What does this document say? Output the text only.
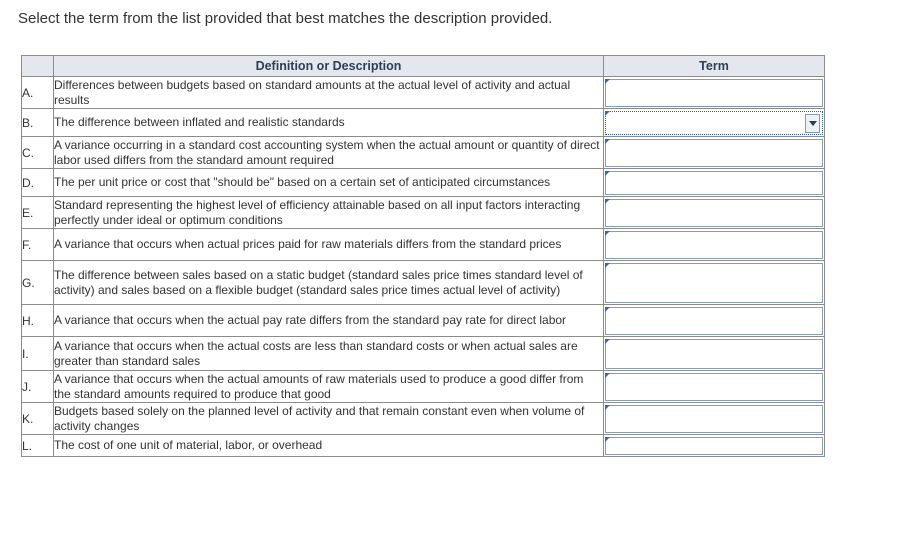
Select the term from the list provided that best matches the description provided.
	Definition or Description	Term
A.	Differences between budgets based on standard amounts at the actual level of activity and actual results	

B.	The difference between inflated and realistic standards	

C.	A variance occurring in a standard cost accounting system when the actual amount or quantity of direct labor used differs from the standard amount required	

D.	The per unit price or cost that "should be" based on a certain set of anticipated circumstances	

E.	Standard representing the highest level of efficiency attainable based on all input factors interacting perfectly under ideal or optimum conditions	

F.	A variance that occurs when actual prices paid for raw materials differs from the standard prices	

G.	The difference between sales based on a static budget (standard sales price times standard level of activity) and sales based on a flexible budget (standard sales price times actual level of activity)	

H.	A variance that occurs when the actual pay rate differs from the standard pay rate for direct labor	

I.	A variance that occurs when the actual costs are less than standard costs or when actual sales are greater than standard sales	

J.	A variance that occurs when the actual amounts of raw materials used to produce a good differ from the standard amounts required to produce that good	

K.	Budgets based solely on the planned level of activity and that remain constant even when volume of activity changes	

L.	The cost of one unit of material, labor, or overhead	
